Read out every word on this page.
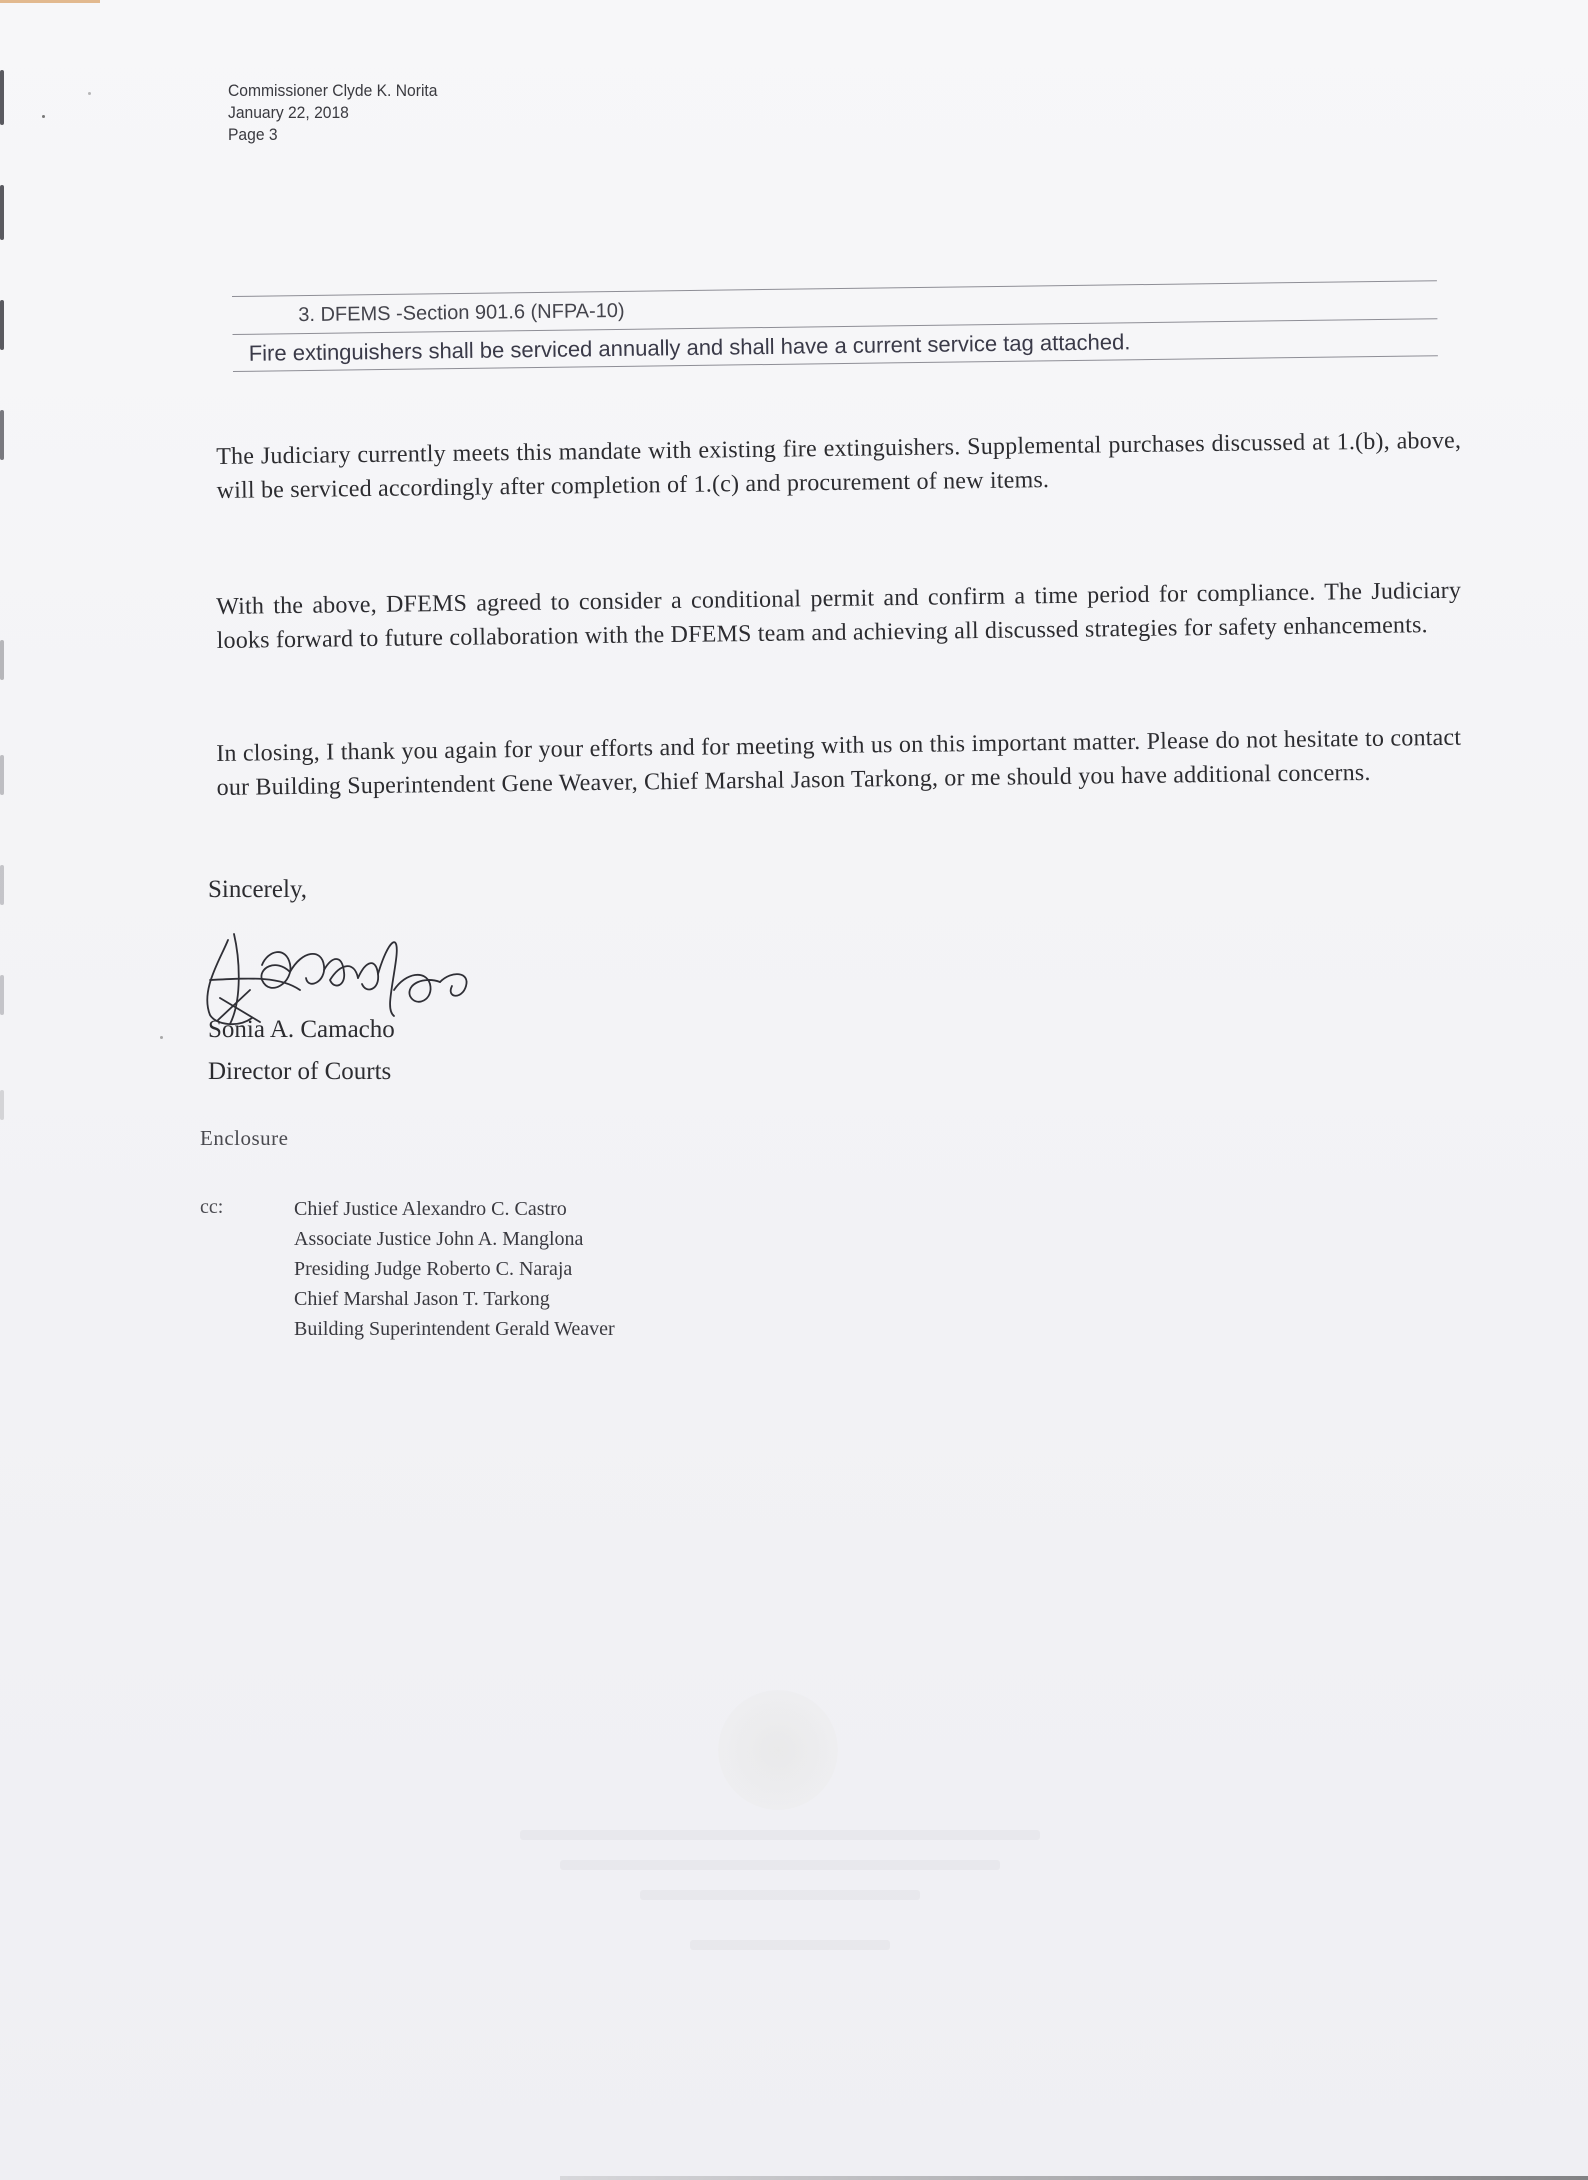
Commissioner Clyde K. Norita
January 22, 2018
Page 3
3. DFEMS -Section 901.6 (NFPA-10)
Fire extinguishers shall be serviced annually and shall have a current service tag attached.
The Judiciary currently meets this mandate with existing fire extinguishers. Supplemental purchases discussed at 1.(b), above, will be serviced accordingly after completion of 1.(c) and procurement of new items.
With the above, DFEMS agreed to consider a conditional permit and confirm a time period for compliance. The Judiciary looks forward to future collaboration with the DFEMS team and achieving all discussed strategies for safety enhancements.
In closing, I thank you again for your efforts and for meeting with us on this important matter. Please do not hesitate to contact our Building Superintendent Gene Weaver, Chief Marshal Jason Tarkong, or me should you have additional concerns.
Sincerely,
Sonia A. Camacho
Director of Courts
Enclosure
cc:	Chief Justice Alexandro C. Castro
Associate Justice John A. Manglona
Presiding Judge Roberto C. Naraja
Chief Marshal Jason T. Tarkong
Building Superintendent Gerald Weaver
